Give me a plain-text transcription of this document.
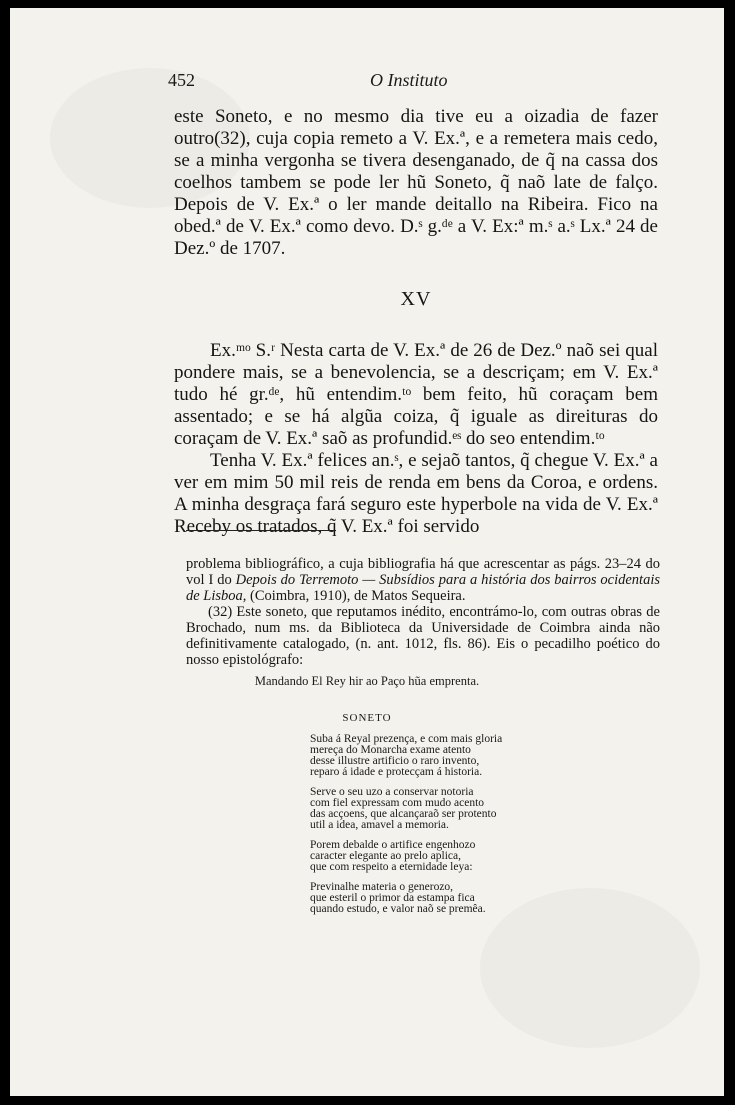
452	O Instituto

este Soneto, e no mesmo dia tive eu a oizadia de fazer outro(32), cuja copia remeto a V. Ex.ª, e a remetera mais cedo, se a minha vergonha se tivera desenganado, de q̃ na cassa dos coelhos tambem se pode ler hũ Soneto, q̃ naõ late de falço. Depois de V. Ex.ª o ler mande deitallo na Ribeira. Fico na obed.ª de V. Ex.ª como devo. D.ˢ g.ᵈᵉ a V. Ex:ª m.ˢ a.ˢ Lx.ª 24 de Dez.º de 1707.

XV

Ex.ᵐᵒ S.ʳ Nesta carta de V. Ex.ª de 26 de Dez.º naõ sei qual pondere mais, se a benevolencia, se a descriçam; em V. Ex.ª tudo hé gr.ᵈᵉ, hũ entendim.ᵗᵒ bem feito, hũ coraçam bem assentado; e se há algũa coiza, q̃ iguale as direituras do coraçam de V. Ex.ª saõ as profundid.ᵉˢ do seo entendim.ᵗᵒ

Tenha V. Ex.ª felices an.ˢ, e sejaõ tantos, q̃ chegue V. Ex.ª a ver em mim 50 mil reis de renda em bens da Coroa, e ordens. A minha desgraça fará seguro este hyperbole na vida de V. Ex.ª Receby os tratados, q̃ V. Ex.ª foi servido

problema bibliográfico, a cuja bibliografia há que acrescentar as págs. 23–24 do vol I do Depois do Terremoto — Subsídios para a história dos bairros ocidentais de Lisboa, (Coimbra, 1910), de Matos Sequeira.

(32) Este soneto, que reputamos inédito, encontrámo-lo, com outras obras de Brochado, num ms. da Biblioteca da Universidade de Coimbra ainda não definitivamente catalogado, (n. ant. 1012, fls. 86). Eis o pecadilho poético do nosso epistológrafo:

Mandando El Rey hir ao Paço hũa emprenta.
SONETO
Suba á Reyal prezença, e com mais gloria
mereça do Monarcha exame atento
desse illustre artificio o raro invento,
reparo á idade e protecçam á historia.
Serve o seu uzo a conservar notoria
com fiel expressam com mudo acento
das acçoens, que alcançaraõ ser protento
util a idea, amavel a memoria.
Porem debalde o artifice engenhozo
caracter elegante ao prelo aplica,
que com respeito a eternidade leya:
Previnalhe materia o generozo,
que esteril o primor da estampa fica
quando estudo, e valor naõ se premêa.
